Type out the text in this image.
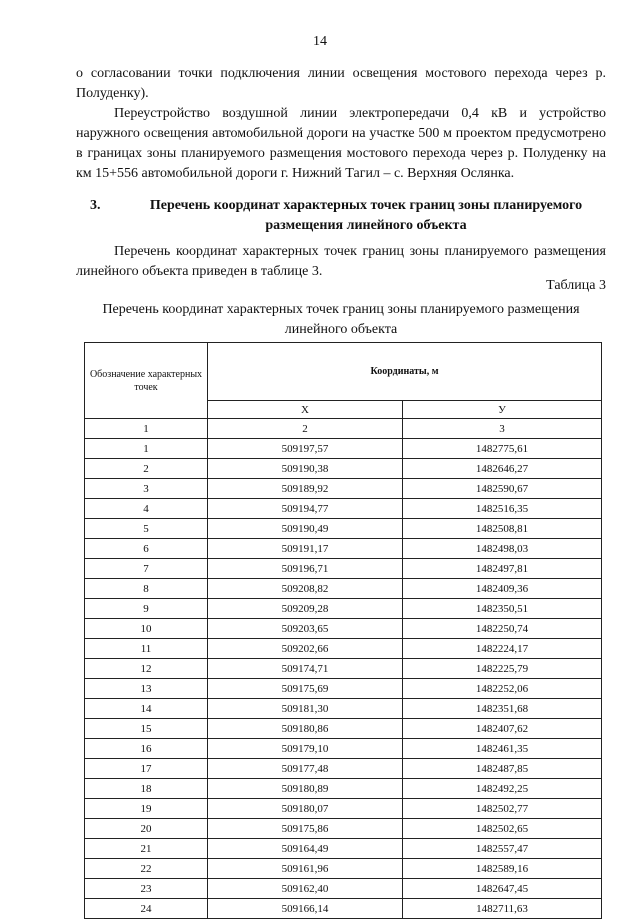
14
о согласовании точки подключения линии освещения мостового перехода через р. Полуденку).
Переустройство воздушной линии электропередачи 0,4 кВ и устройство наружного освещения автомобильной дороги на участке 500 м проектом предусмотрено в границах зоны планируемого размещения мостового перехода через р. Полуденку на км 15+556 автомобильной дороги г. Нижний Тагил – с. Верхняя Ослянка.
3.	Перечень координат характерных точек границ зоны планируемого размещения линейного объекта
Перечень координат характерных точек границ зоны планируемого размещения линейного объекта приведен в таблице 3.
Таблица 3
Перечень координат характерных точек границ зоны планируемого размещения линейного объекта
Обозначение характерных точек	Координаты, м	
	X	У
1	2	3
1	509197,57	1482775,61
2	509190,38	1482646,27
3	509189,92	1482590,67
4	509194,77	1482516,35
5	509190,49	1482508,81
6	509191,17	1482498,03
7	509196,71	1482497,81
8	509208,82	1482409,36
9	509209,28	1482350,51
10	509203,65	1482250,74
11	509202,66	1482224,17
12	509174,71	1482225,79
13	509175,69	1482252,06
14	509181,30	1482351,68
15	509180,86	1482407,62
16	509179,10	1482461,35
17	509177,48	1482487,85
18	509180,89	1482492,25
19	509180,07	1482502,77
20	509175,86	1482502,65
21	509164,49	1482557,47
22	509161,96	1482589,16
23	509162,40	1482647,45
24	509166,14	1482711,63
